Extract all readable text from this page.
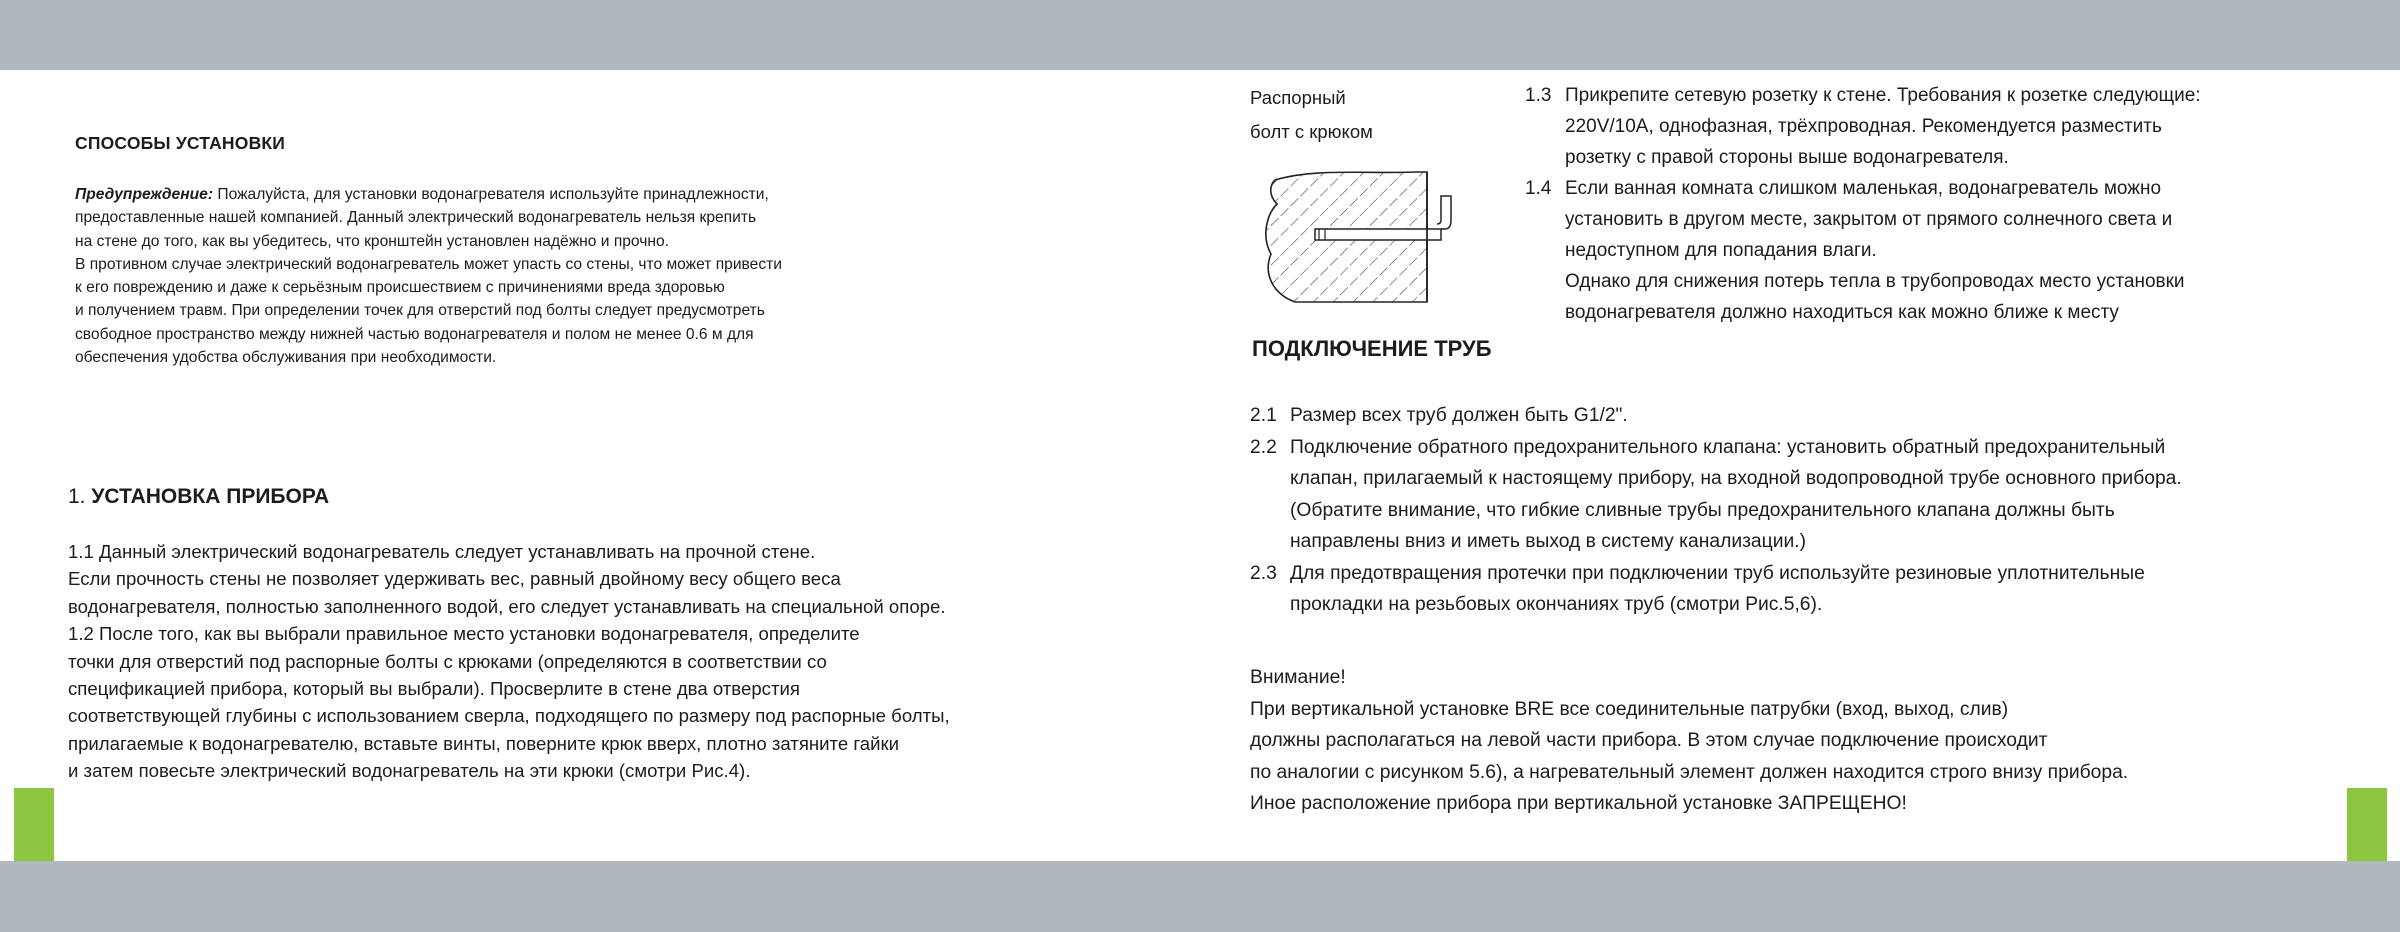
СПОСОБЫ УСТАНОВКИ
Предупреждение: Пожалуйста, для установки водонагревателя используйте принадлежности,
предоставленные нашей компанией. Данный электрический водонагреватель нельзя крепить
на стене до того, как вы убедитесь, что кронштейн установлен надёжно и прочно.
В противном случае электрический водонагреватель может упасть со стены, что может привести
к его повреждению и даже к серьёзным происшествием с причинениями вреда здоровью
и получением травм. При определении точек для отверстий под болты следует предусмотреть
свободное пространство между нижней частью водонагревателя и полом не менее 0.6 м для
обеспечения удобства обслуживания при необходимости.
1. УСТАНОВКА ПРИБОРА
1.1 Данный электрический водонагреватель следует устанавливать на прочной стене.
Если прочность стены не позволяет удерживать вес, равный двойному весу общего веса
водонагревателя, полностью заполненного водой, его следует устанавливать на специальной опоре.
1.2 После того, как вы выбрали правильное место установки водонагревателя, определите
точки для отверстий под распорные болты с крюками (определяются в соответствии со
спецификацией прибора, который вы выбрали). Просверлите в стене два отверстия
соответствующей глубины с использованием сверла, подходящего по размеру под распорные болты,
прилагаемые к водонагревателю, вставьте винты, поверните крюк вверх, плотно затяните гайки
и затем повесьте электрический водонагреватель на эти крюки (смотри Рис.4).
Распорный
болт с крюком
1.3 Прикрепите сетевую розетку к стене. Требования к розетке следующие:
220V/10A, однофазная, трёхпроводная. Рекомендуется разместить
розетку с правой стороны выше водонагревателя.
1.4 Если ванная комната слишком маленькая, водонагреватель можно
установить в другом месте, закрытом от прямого солнечного света и
недоступном для попадания влаги.
Однако для снижения потерь тепла в трубопроводах место установки
водонагревателя должно находиться как можно ближе к месту
ПОДКЛЮЧЕНИЕ ТРУБ
2.1 Размер всех труб должен быть G1/2".
2.2 Подключение обратного предохранительного клапана: установить обратный предохранительный
клапан, прилагаемый к настоящему прибору, на входной водопроводной трубе основного прибора.
(Обратите внимание, что гибкие сливные трубы предохранительного клапана должны быть
направлены вниз и иметь выход в систему канализации.)
2.3 Для предотвращения протечки при подключении труб используйте резиновые уплотнительные
прокладки на резьбовых окончаниях труб (смотри Рис.5,6).
Внимание!
При вертикальной установке BRE все соединительные патрубки (вход, выход, слив)
должны располагаться на левой части прибора. В этом случае подключение происходит
по аналогии с рисунком 5.6), а нагревательный элемент должен находится строго внизу прибора.
Иное расположение прибора при вертикальной установке ЗАПРЕЩЕНО!
